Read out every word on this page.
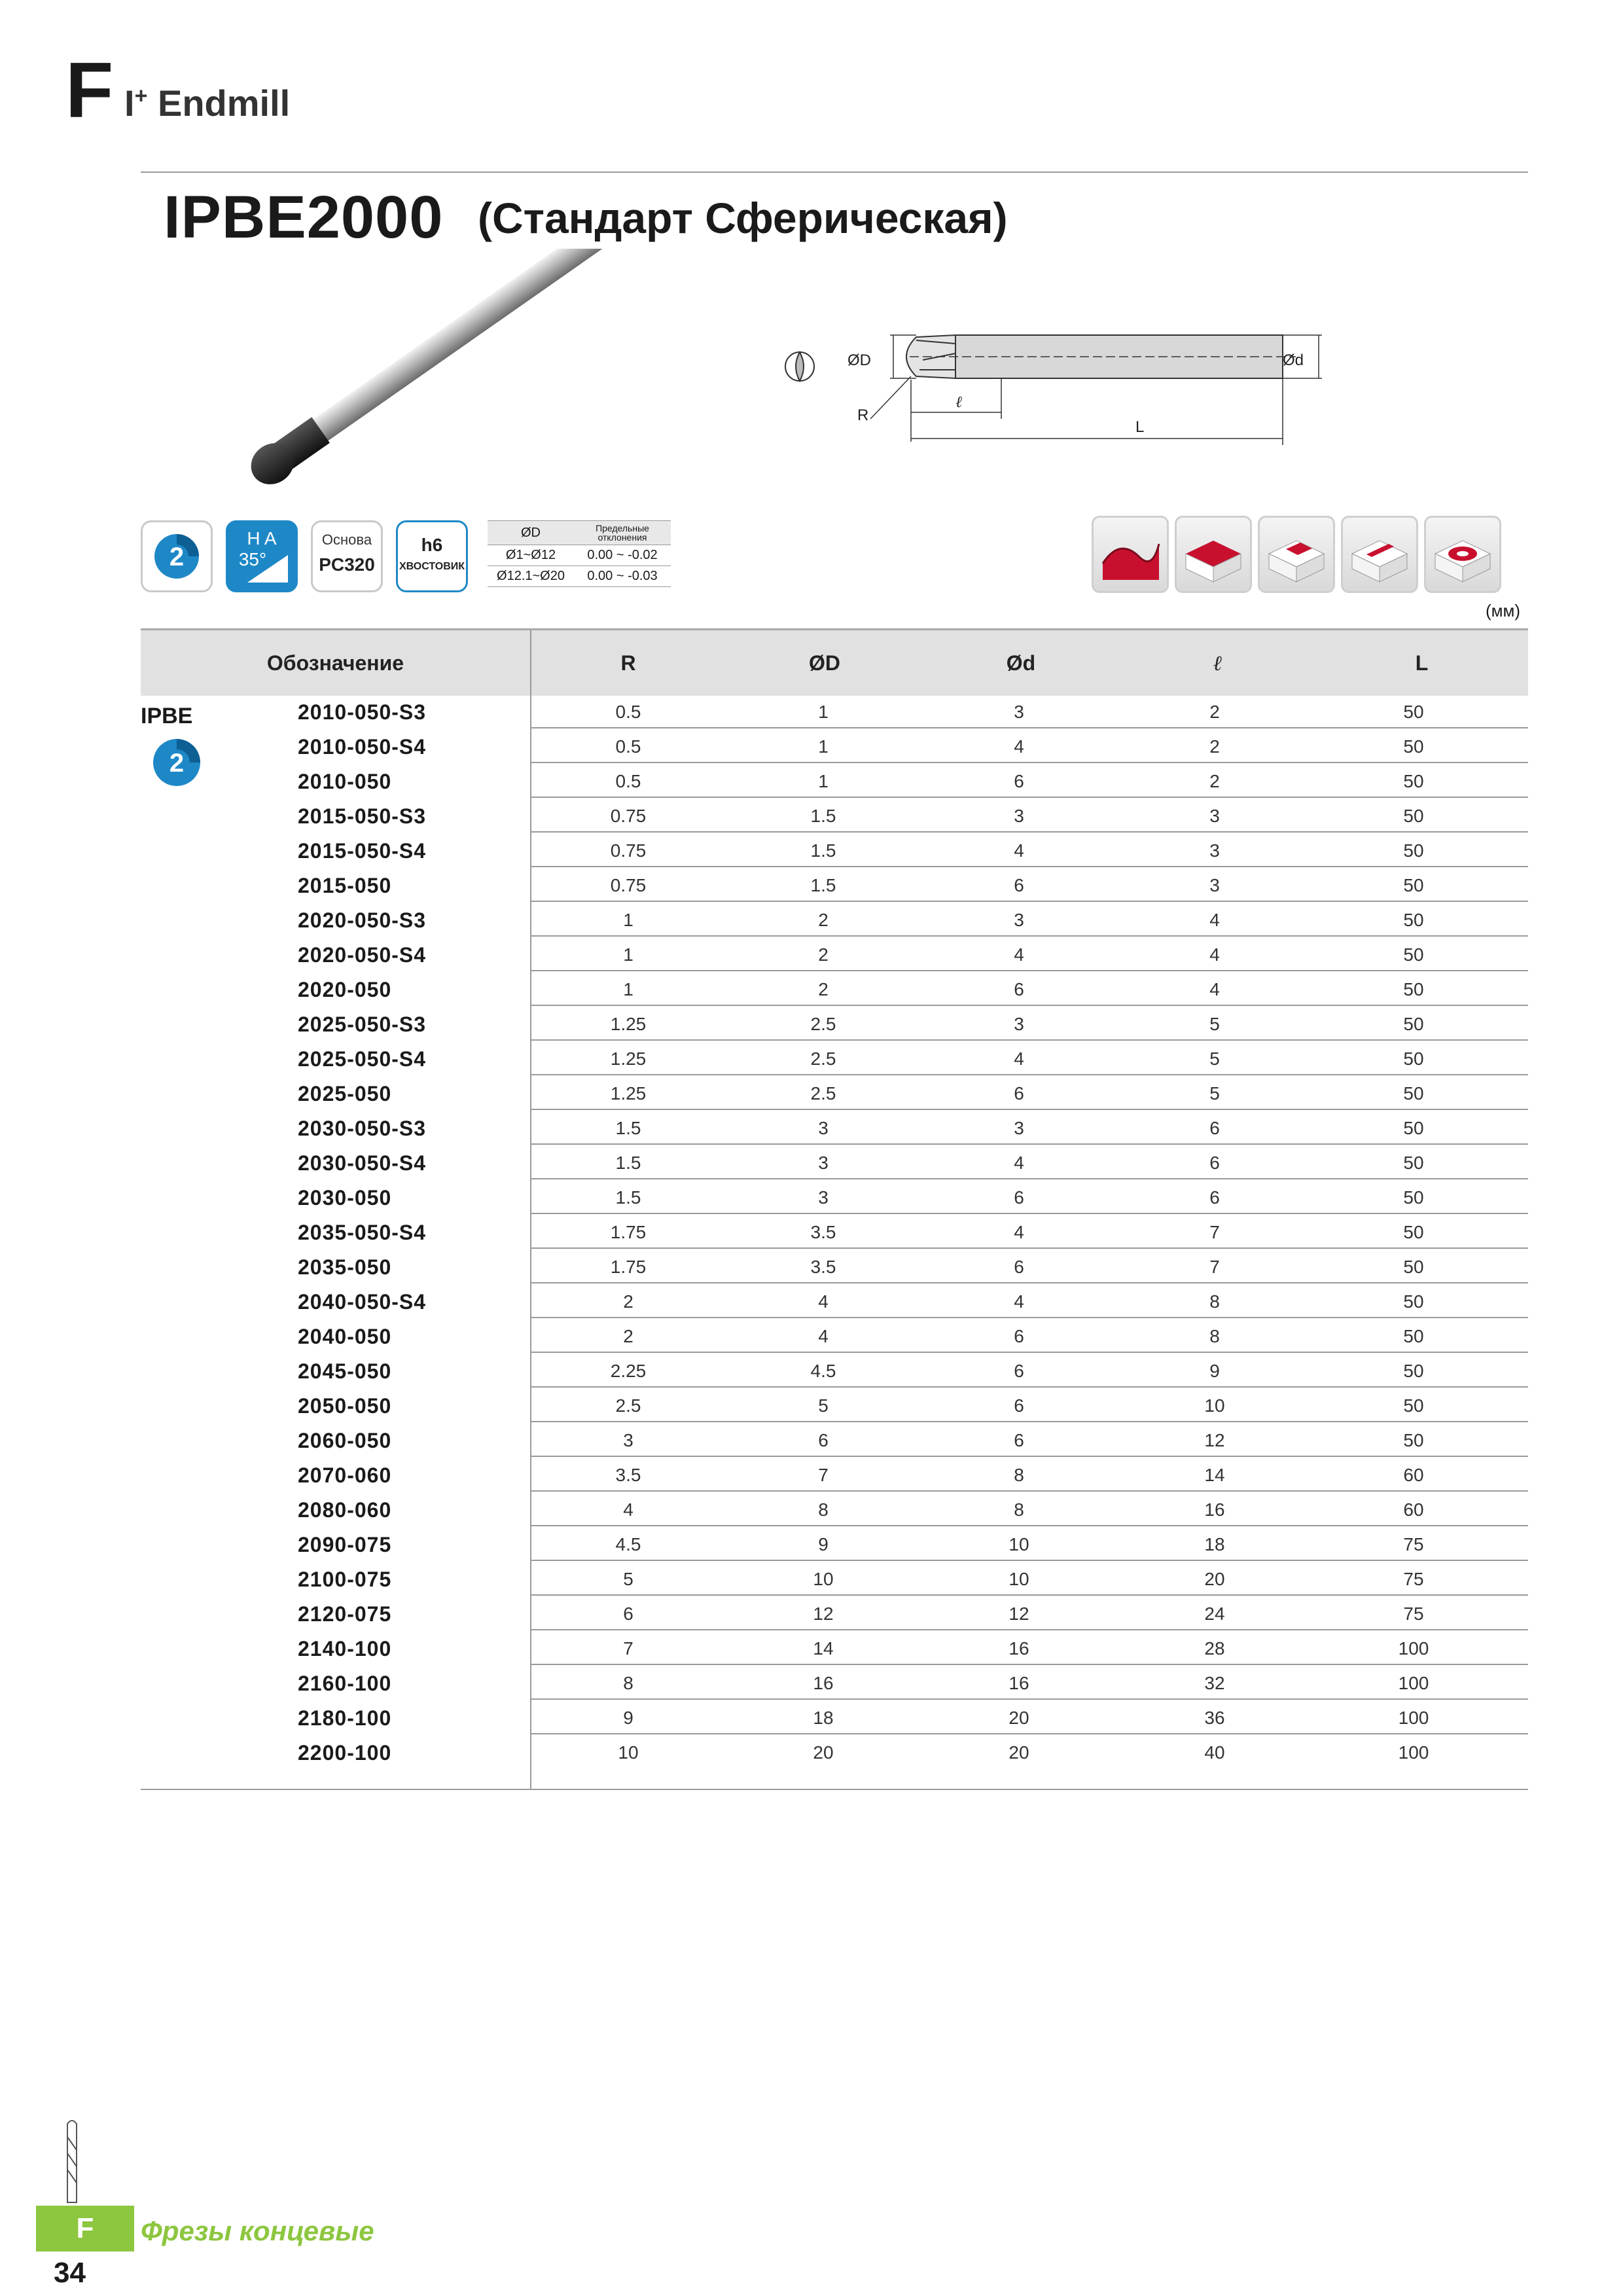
F I+ Endmill
IPBE2000 (Стандарт Сферическая)
ØD	Ød
R
ℓ
L
2
H A
35°
Основа
PC320
h6
ХВОСТОВИК
ØD	Предельные отклонения
Ø1~Ø12	0.00 ~ -0.02
Ø12.1~Ø20	0.00 ~ -0.03
(мм)
Обозначение	R	ØD	Ød	ℓ	L
IPBE
2
2010-050-S3	0.5	1	3	2	50
2010-050-S4	0.5	1	4	2	50
2010-050	0.5	1	6	2	50
2015-050-S3	0.75	1.5	3	3	50
2015-050-S4	0.75	1.5	4	3	50
2015-050	0.75	1.5	6	3	50
2020-050-S3	1	2	3	4	50
2020-050-S4	1	2	4	4	50
2020-050	1	2	6	4	50
2025-050-S3	1.25	2.5	3	5	50
2025-050-S4	1.25	2.5	4	5	50
2025-050	1.25	2.5	6	5	50
2030-050-S3	1.5	3	3	6	50
2030-050-S4	1.5	3	4	6	50
2030-050	1.5	3	6	6	50
2035-050-S4	1.75	3.5	4	7	50
2035-050	1.75	3.5	6	7	50
2040-050-S4	2	4	4	8	50
2040-050	2	4	6	8	50
2045-050	2.25	4.5	6	9	50
2050-050	2.5	5	6	10	50
2060-050	3	6	6	12	50
2070-060	3.5	7	8	14	60
2080-060	4	8	8	16	60
2090-075	4.5	9	10	18	75
2100-075	5	10	10	20	75
2120-075	6	12	12	24	75
2140-100	7	14	16	28	100
2160-100	8	16	16	32	100
2180-100	9	18	20	36	100
2200-100	10	20	20	40	100
F	Фрезы концевые
34
